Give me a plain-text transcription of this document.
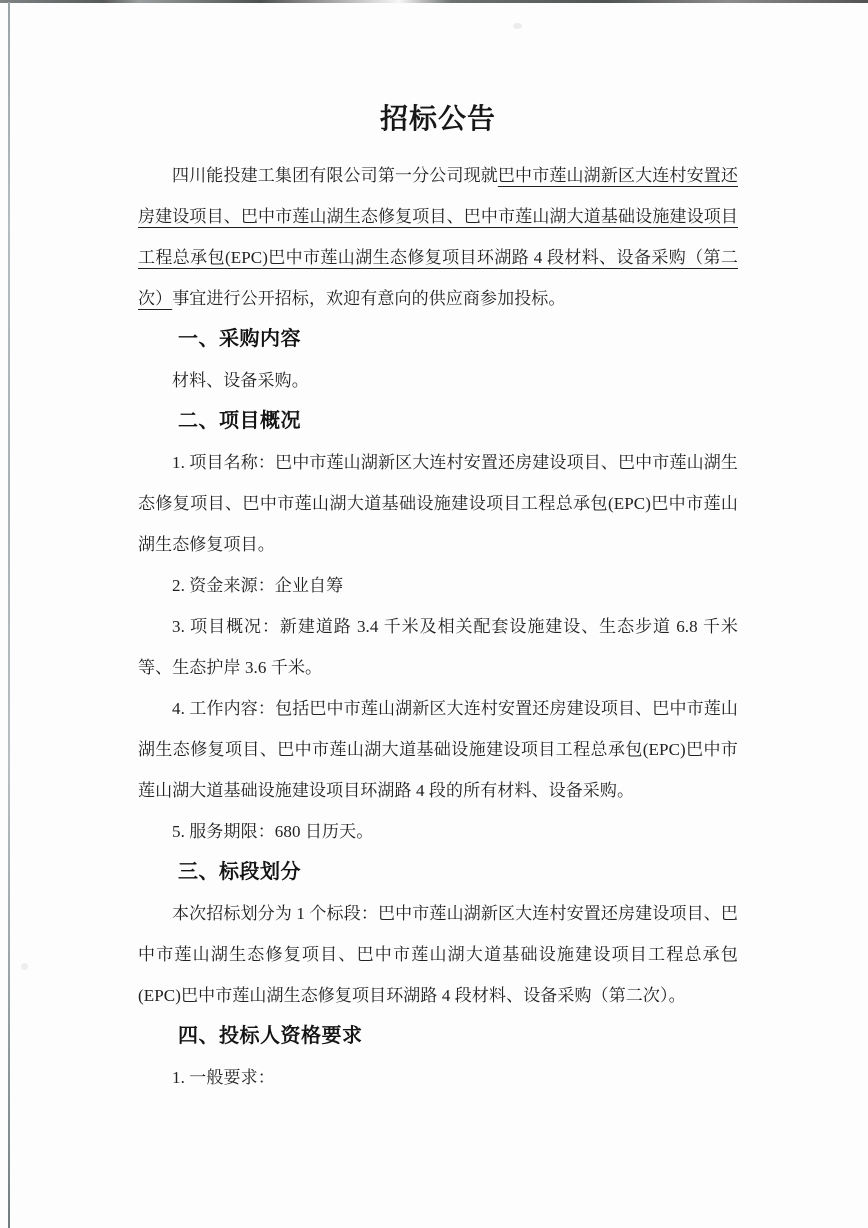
招标公告

四川能投建工集团有限公司第一分公司现就巴中市莲山湖新区大连村安置还房建设项目、巴中市莲山湖生态修复项目、巴中市莲山湖大道基础设施建设项目工程总承包(EPC)巴中市莲山湖生态修复项目环湖路 4 段材料、设备采购（第二次）事宜进行公开招标，欢迎有意向的供应商参加投标。

一、采购内容

材料、设备采购。

二、项目概况

1. 项目名称：巴中市莲山湖新区大连村安置还房建设项目、巴中市莲山湖生态修复项目、巴中市莲山湖大道基础设施建设项目工程总承包(EPC)巴中市莲山湖生态修复项目。

2. 资金来源：企业自筹

3. 项目概况：新建道路 3.4 千米及相关配套设施建设、生态步道 6.8 千米等、生态护岸 3.6 千米。

4. 工作内容：包括巴中市莲山湖新区大连村安置还房建设项目、巴中市莲山湖生态修复项目、巴中市莲山湖大道基础设施建设项目工程总承包(EPC)巴中市莲山湖大道基础设施建设项目环湖路 4 段的所有材料、设备采购。

5. 服务期限：680 日历天。

三、标段划分

本次招标划分为 1 个标段：巴中市莲山湖新区大连村安置还房建设项目、巴中市莲山湖生态修复项目、巴中市莲山湖大道基础设施建设项目工程总承包(EPC)巴中市莲山湖生态修复项目环湖路 4 段材料、设备采购（第二次）。

四、投标人资格要求

1. 一般要求：
